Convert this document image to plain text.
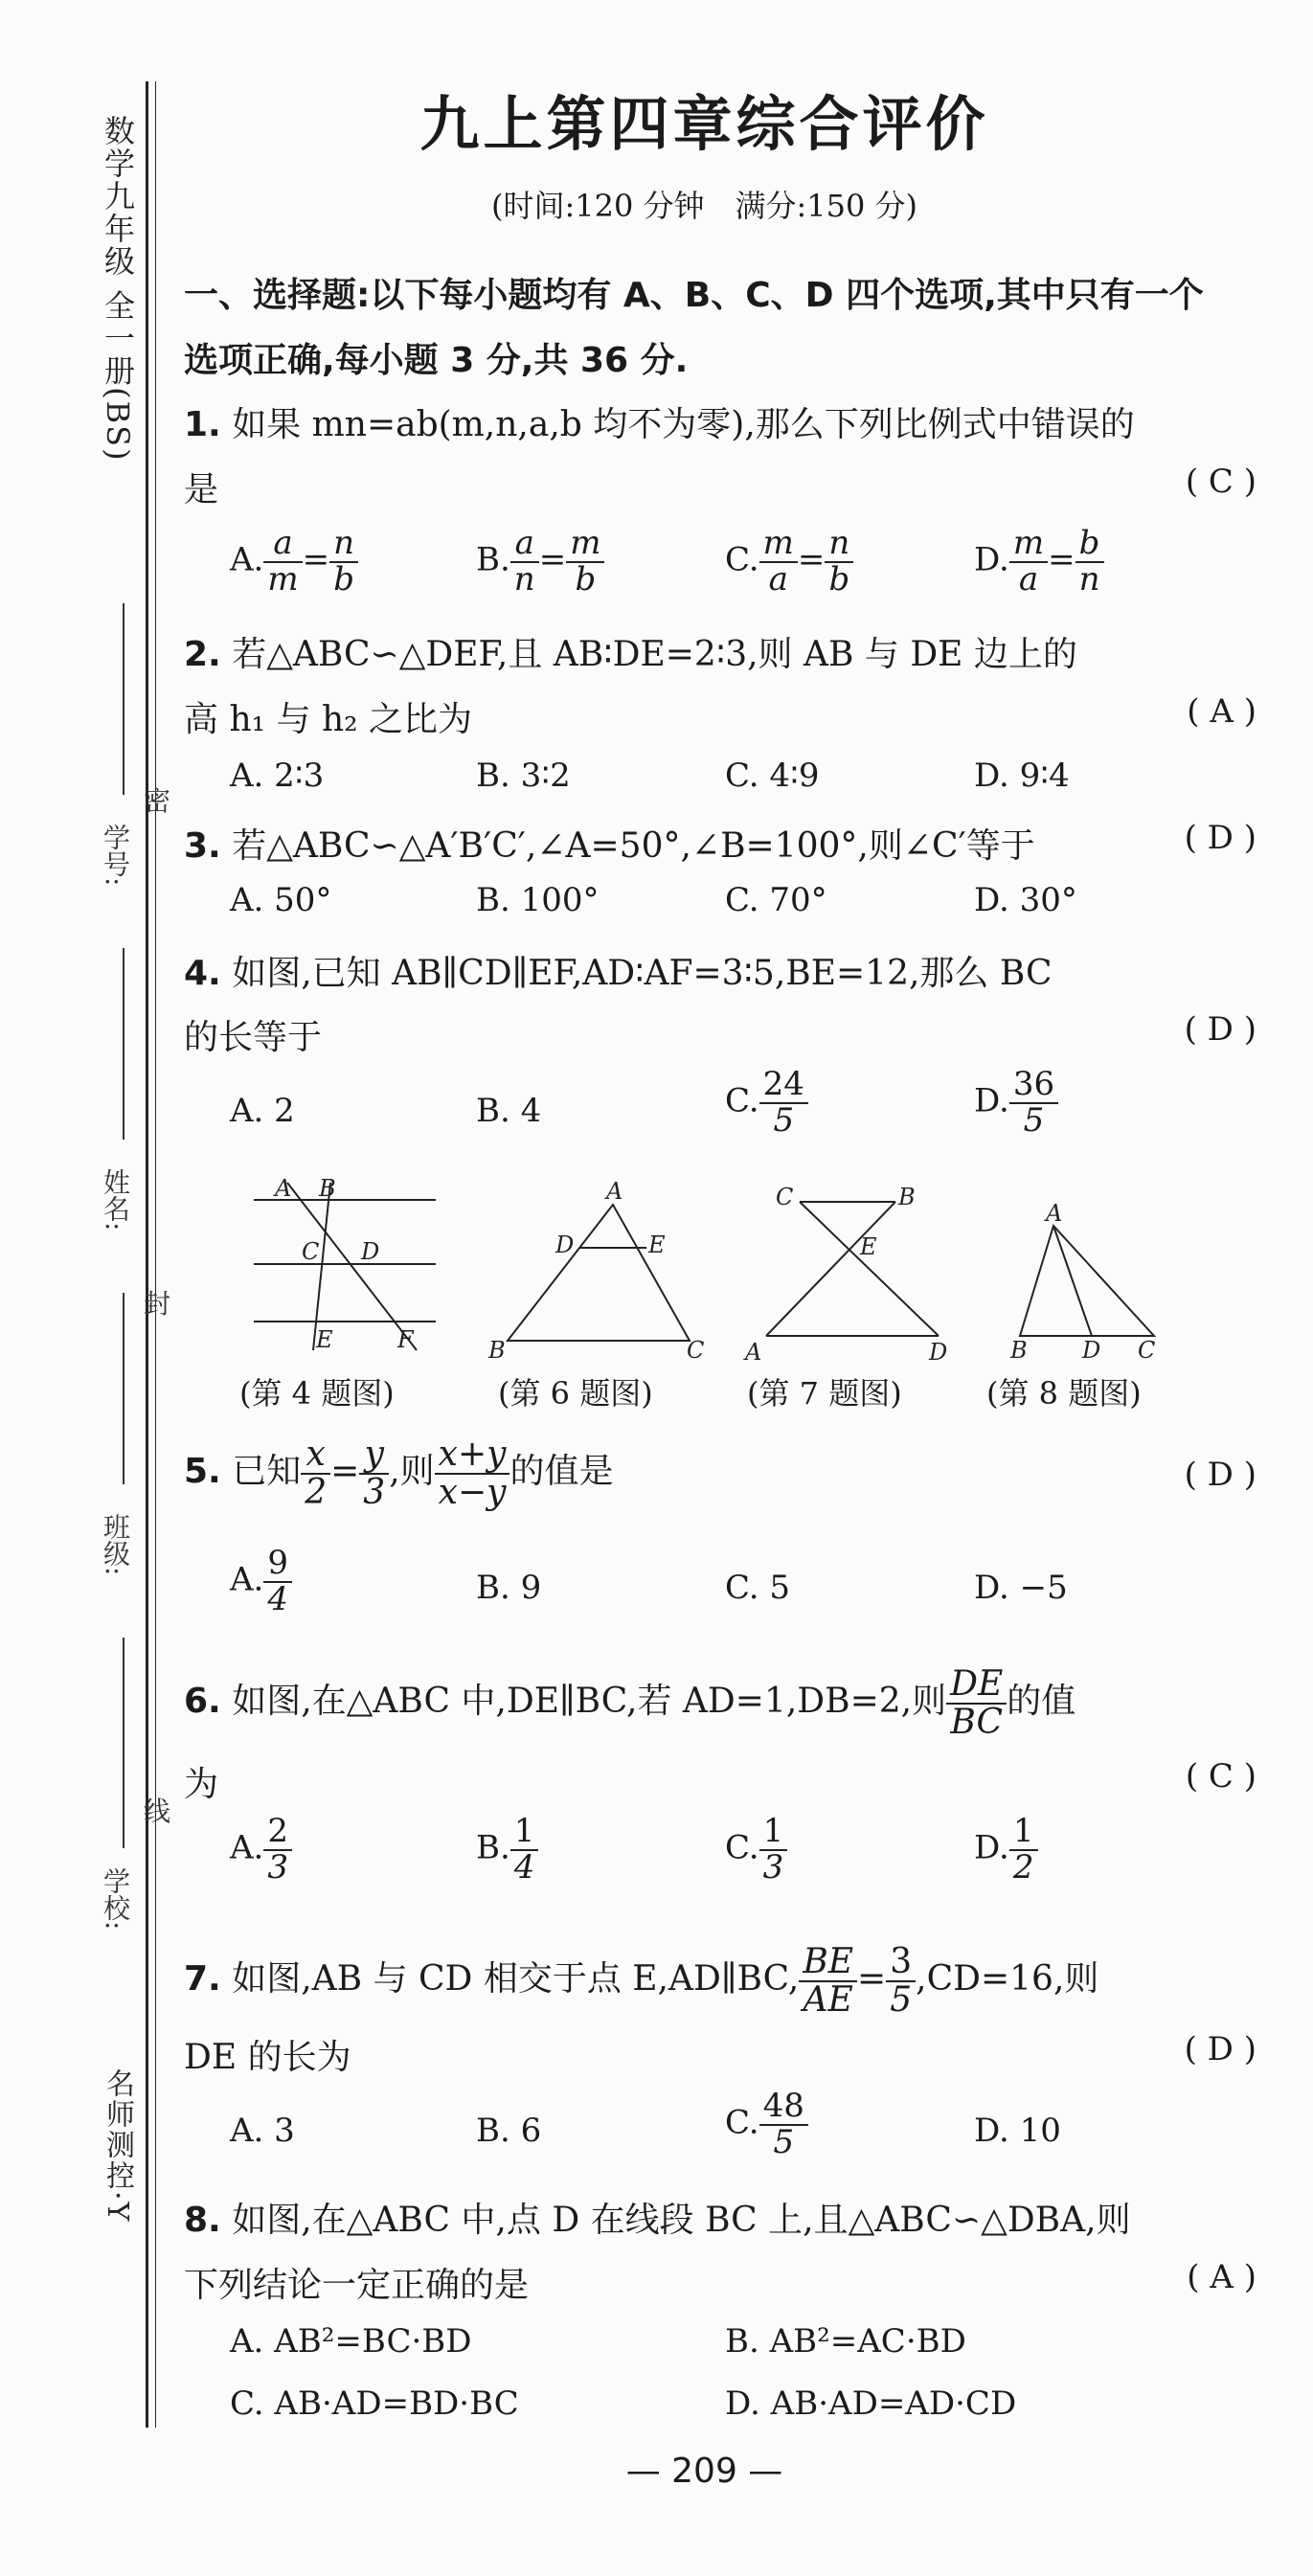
数学九年级 全一册(BS)
学号:
姓名:
班级:
学校:
密
封
线
名师测控·Y
九上第四章综合评价
(时间:120 分钟　满分:150 分)
一、选择题:以下每小题均有 A、B、C、D 四个选项,其中只有一个
选项正确,每小题 3 分,共 36 分.
1. 如果 mn=ab(m,n,a,b 均不为零),那么下列比例式中错误的
是	( C )
A. $\frac{a}{m} = \frac{n}{b}$	B. $\frac{a}{n} = \frac{m}{b}$	C. $\frac{m}{a} = \frac{n}{b}$	D. $\frac{m}{a} = \frac{b}{n}$
2. 若△ABC∽△DEF,且 AB∶DE=2∶3,则 AB 与 DE 边上的
高 h₁ 与 h₂ 之比为	( A )
A. 2∶3	B. 3∶2	C. 4∶9	D. 9∶4
3. 若△ABC∽△A′B′C′,∠A=50°,∠B=100°,则∠C′等于	( D )
A. 50°	B. 100°	C. 70°	D. 30°
4. 如图,已知 AB∥CD∥EF,AD∶AF=3∶5,BE=12,那么 BC
的长等于	( D )
A. 2	B. 4	C. $\frac{24}{5}$	D. $\frac{36}{5}$
A B
C D
E	F
(第 4 题图)
A
D	E
B	C
(第 6 题图)
C	B
E
A	D
(第 7 题图)
A
B D C
(第 8 题图)
5. 已知 $\frac{x}{2} = \frac{y}{3}$ ,则 $\frac{x+y}{x-y}$ 的值是	( D )
A. $\frac{9}{4}$	B. 9	C. 5	D. −5
6. 如图,在△ABC 中,DE∥BC,若 AD=1,DB=2,则 $\frac{DE}{BC}$ 的值
为	( C )
A. $\frac{2}{3}$	B. $\frac{1}{4}$	C. $\frac{1}{3}$	D. $\frac{1}{2}$
7. 如图,AB 与 CD 相交于点 E,AD∥BC, $\frac{BE}{AE} = \frac{3}{5} ,CD=16$,则
DE 的长为	( D )
A. 3	B. 6	C. $\frac{48}{5}$	D. 10
8. 如图,在△ABC 中,点 D 在线段 BC 上,且△ABC∽△DBA,则
下列结论一定正确的是	( A )
A. AB²=BC·BD	B. AB²=AC·BD
C. AB·AD=BD·BC	D. AB·AD=AD·CD
— 209 —
